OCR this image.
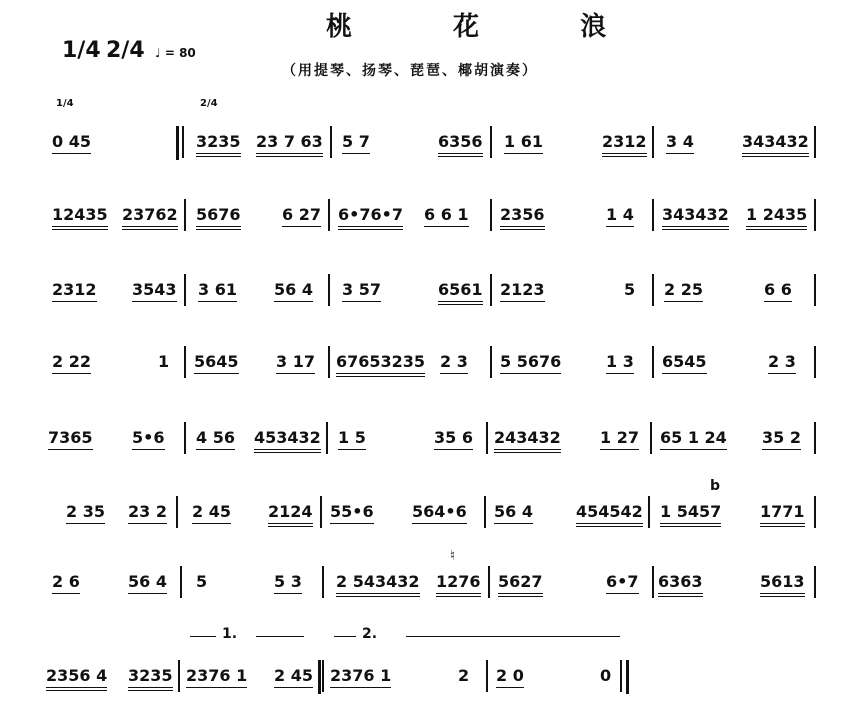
桃 花 浪
（用提琴、扬琴、琵琶、椰胡演奏）
1/4 2/4 ♩ = 80
1/4	2/4
0 45	3235 23 7 63 5 7	6356 1 61	2312 3 4	343432
12435 23762 5676	6 27 6•76•7 6 6 1 2356	1 4 343432 1 2435
2312 3543 3 61 56 4 3 57	6561 2123	5 2 25	6 6
2 22	1 5645 3 17 67653235 2 3 5 5676	1 3 6545	2 3
7365 5•6 4 56 453432 1 5	35 6 243432 1 27 65 1 24 35 2
2 35 23 2 2 45 2124 55•6 564•6 56 4	454542 1 5457 1771
2 6	56 4 5	5 3 2 543432 1276 5627	6•7 6363	5613
2356 4 3235 2376 1 2 45 2376 1	2 2 0	0
1.	2.
b
♮
